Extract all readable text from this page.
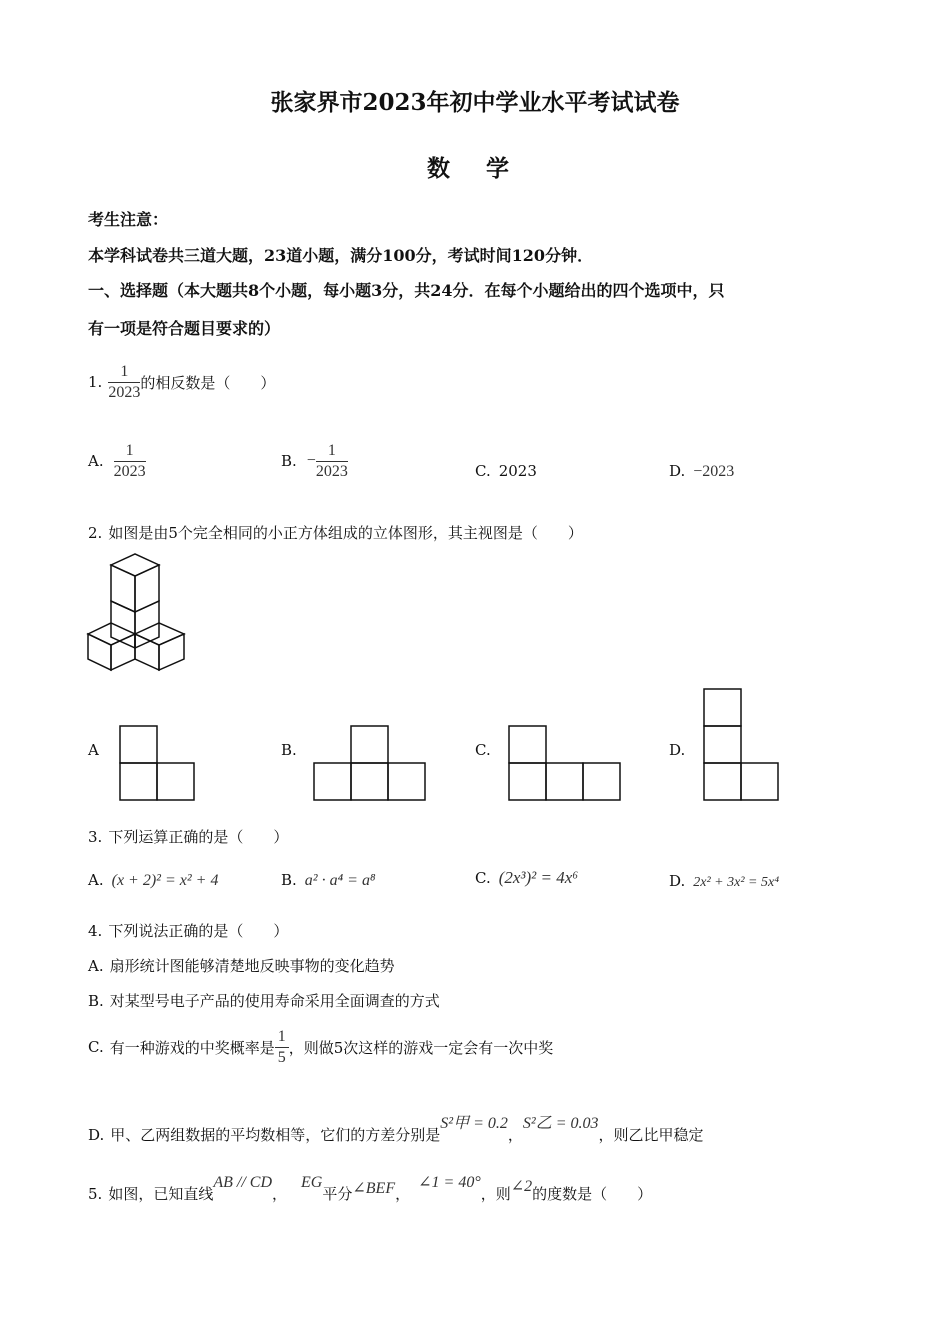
张家界市2023年初中学业水平考试试卷
数 学
考生注意：
本学科试卷共三道大题，23道小题，满分100分，考试时间120分钟．
一、选择题（本大题共8个小题，每小题3分，共24分．在每个小题给出的四个选项中，只
有一项是符合题目要求的）
1. $\frac{1}{2023}$ 的相反数是（　　）
A. $\frac{1}{2023}$	B. − $\frac{1}{2023}$	C. 2023	D. −2023
2. 如图是由5个完全相同的小正方体组成的立体图形，其主视图是（　　）
A	B.	C.	D.
3. 下列运算正确的是（　　）
A. (x + 2)² = x² + 4	B. a² · a⁴ = a⁸	C. (2x³)² = 4x⁶	D. 2x² + 3x² = 5x⁴
4. 下列说法正确的是（　　）
A. 扇形统计图能够清楚地反映事物的变化趋势
B. 对某型号电子产品的使用寿命采用全面调查的方式
C. 有一种游戏的中奖概率是 $\frac{1}{5}$ ，则做5次这样的游戏一定会有一次中奖
D. 甲、乙两组数据的平均数相等，它们的方差分别是S²甲 = 0.2，S²乙 = 0.03，则乙比甲稳定
5. 如图，已知直线AB // CD，EG平分∠BEF，∠1 = 40°，则∠2的度数是（　　）
